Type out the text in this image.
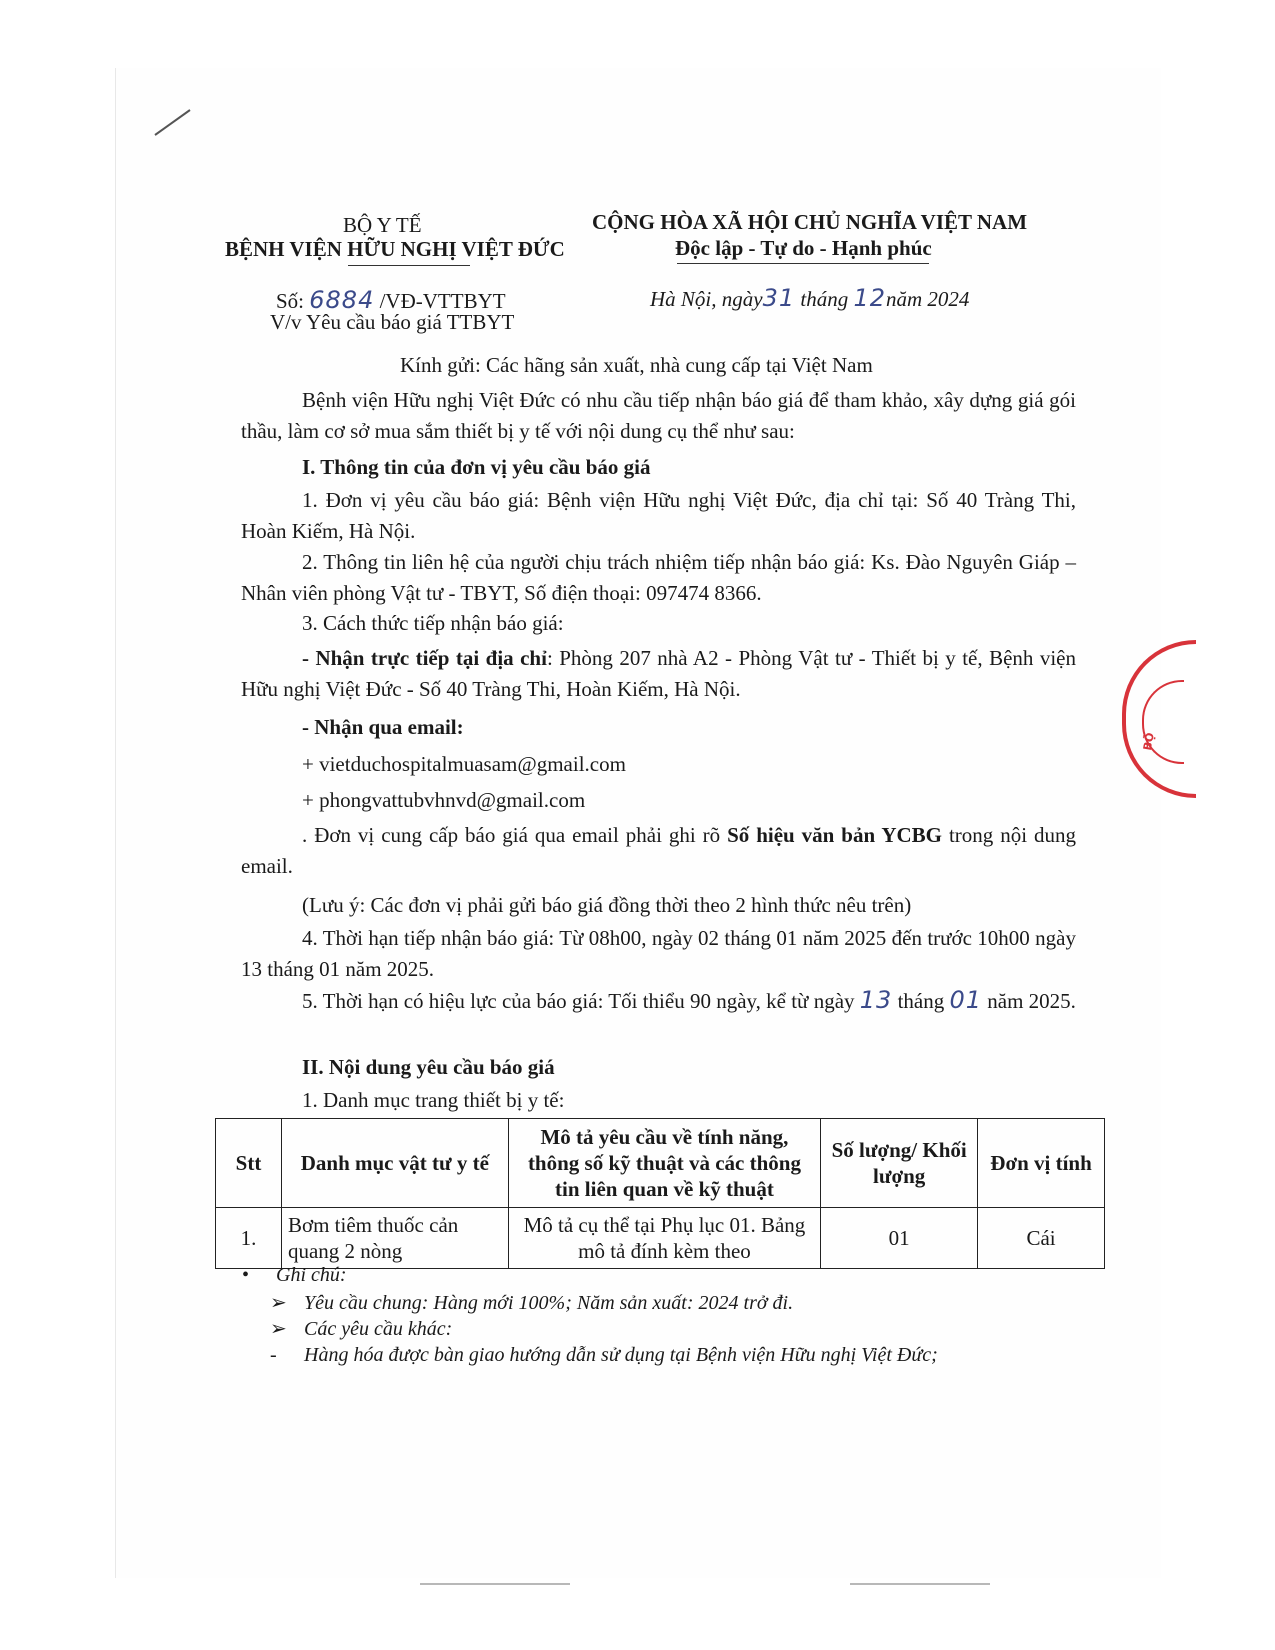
BỘ Y TẾ
BỆNH VIỆN HỮU NGHỊ VIỆT ĐỨC
CỘNG HÒA XÃ HỘI CHỦ NGHĨA VIỆT NAM
Độc lập - Tự do - Hạnh phúc
Số: 6884 /VĐ-VTTBYT
V/v Yêu cầu báo giá TTBYT
Hà Nội, ngày31 tháng 12năm 2024
Kính gửi: Các hãng sản xuất, nhà cung cấp tại Việt Nam
Bệnh viện Hữu nghị Việt Đức có nhu cầu tiếp nhận báo giá để tham khảo, xây dựng giá gói thầu, làm cơ sở mua sắm thiết bị y tế với nội dung cụ thể như sau:
I. Thông tin của đơn vị yêu cầu báo giá
1. Đơn vị yêu cầu báo giá: Bệnh viện Hữu nghị Việt Đức, địa chỉ tại: Số 40 Tràng Thi, Hoàn Kiếm, Hà Nội.
2. Thông tin liên hệ của người chịu trách nhiệm tiếp nhận báo giá: Ks. Đào Nguyên Giáp – Nhân viên phòng Vật tư - TBYT, Số điện thoại: 097474 8366.
3. Cách thức tiếp nhận báo giá:
- Nhận trực tiếp tại địa chỉ: Phòng 207 nhà A2 - Phòng Vật tư - Thiết bị y tế, Bệnh viện Hữu nghị Việt Đức - Số 40 Tràng Thi, Hoàn Kiếm, Hà Nội.
- Nhận qua email:
+ vietduchospitalmuasam@gmail.com
+ phongvattubvhnvd@gmail.com
. Đơn vị cung cấp báo giá qua email phải ghi rõ Số hiệu văn bản YCBG trong nội dung email.
(Lưu ý: Các đơn vị phải gửi báo giá đồng thời theo 2 hình thức nêu trên)
4. Thời hạn tiếp nhận báo giá: Từ 08h00, ngày 02 tháng 01 năm 2025 đến trước 10h00 ngày 13 tháng 01 năm 2025.
5. Thời hạn có hiệu lực của báo giá: Tối thiểu 90 ngày, kể từ ngày 13 tháng 01 năm 2025.
II. Nội dung yêu cầu báo giá
1. Danh mục trang thiết bị y tế:
Stt	Danh mục vật tư y tế	Mô tả yêu cầu về tính năng, thông số kỹ thuật và các thông tin liên quan về kỹ thuật	Số lượng/ Khối lượng	Đơn vị tính
1.	Bơm tiêm thuốc cản quang 2 nòng	Mô tả cụ thể tại Phụ lục 01. Bảng mô tả đính kèm theo	01	Cái
• Ghi chú:
➢ Yêu cầu chung: Hàng mới 100%; Năm sản xuất: 2024 trở đi.
➢ Các yêu cầu khác:
- Hàng hóa được bàn giao hướng dẫn sử dụng tại Bệnh viện Hữu nghị Việt Đức;
BỘ
